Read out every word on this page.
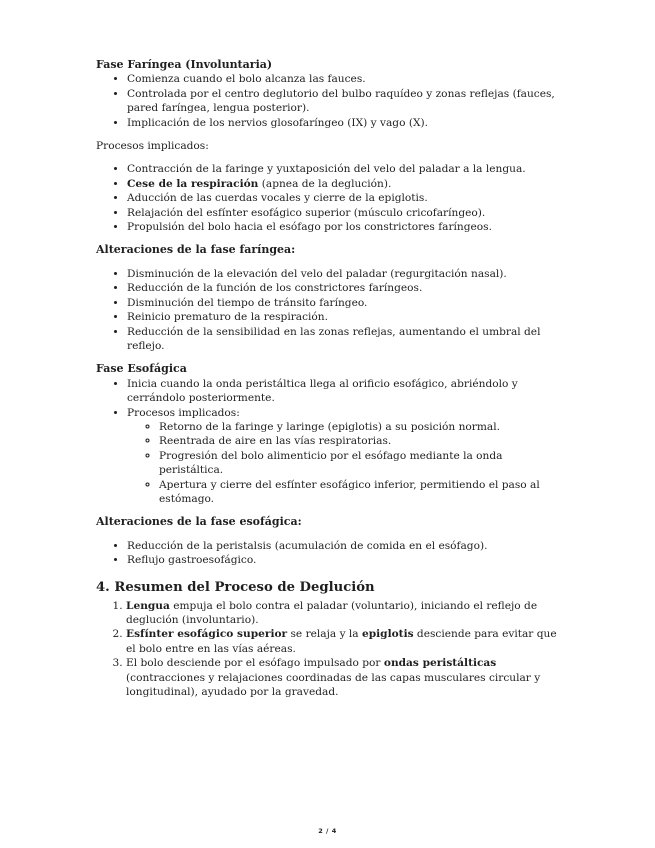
Fase Faríngea (Involuntaria)

• Comienza cuando el bolo alcanza las fauces.
• Controlada por el centro deglutorio del bulbo raquídeo y zonas reflejas (fauces, pared faríngea, lengua posterior).
• Implicación de los nervios glosofaríngeo (IX) y vago (X).

Procesos implicados:

• Contracción de la faringe y yuxtaposición del velo del paladar a la lengua.
• Cese de la respiración (apnea de la deglución).
• Aducción de las cuerdas vocales y cierre de la epiglotis.
• Relajación del esfínter esofágico superior (músculo cricofaríngeo).
• Propulsión del bolo hacia el esófago por los constrictores faríngeos.

Alteraciones de la fase faríngea:

• Disminución de la elevación del velo del paladar (regurgitación nasal).
• Reducción de la función de los constrictores faríngeos.
• Disminución del tiempo de tránsito faríngeo.
• Reinicio prematuro de la respiración.
• Reducción de la sensibilidad en las zonas reflejas, aumentando el umbral del reflejo.

Fase Esofágica

• Inicia cuando la onda peristáltica llega al orificio esofágico, abriéndolo y cerrándolo posteriormente.
• Procesos implicados:
◦ Retorno de la faringe y laringe (epiglotis) a su posición normal.
◦ Reentrada de aire en las vías respiratorias.
◦ Progresión del bolo alimenticio por el esófago mediante la onda peristáltica.
◦ Apertura y cierre del esfínter esofágico inferior, permitiendo el paso al estómago.

Alteraciones de la fase esofágica:

• Reducción de la peristalsis (acumulación de comida en el esófago).
• Reflujo gastroesofágico.
4. Resumen del Proceso de Deglución
1. Lengua empuja el bolo contra el paladar (voluntario), iniciando el reflejo de deglución (involuntario).
2. Esfínter esofágico superior se relaja y la epiglotis desciende para evitar que el bolo entre en las vías aéreas.
3. El bolo desciende por el esófago impulsado por ondas peristálticas (contracciones y relajaciones coordinadas de las capas musculares circular y longitudinal), ayudado por la gravedad.
2 / 4
